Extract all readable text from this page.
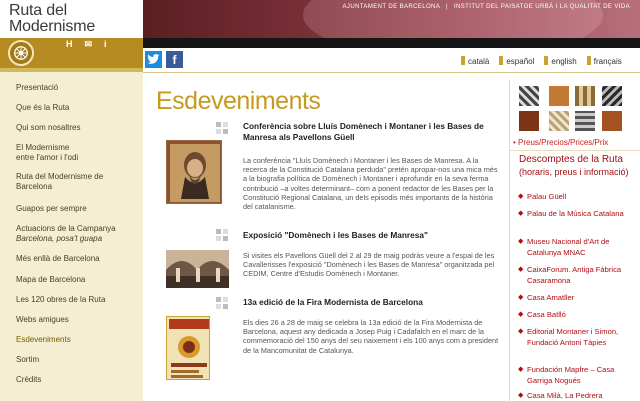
Ruta del
Modernisme
AJUNTAMENT DE BARCELONA | INSTITUT DEL PAISATGE URBÀ I LA QUALITAT DE VIDA
H ✉ i
f	català	español	english	français
Presentació
Que és la Ruta
Qui som nosaltres
El Modernisme
entre l'amor i l'odi
Ruta del Modernisme de
Barcelona
Guapos per sempre
Actuacions de la Campanya
Barcelona, posa't guapa
Més enllà de Barcelona
Mapa de Barcelona
Les 120 obres de la Ruta
Webs amigues
Esdeveniments
Sortim
Crèdits
Esdeveniments
Conferència sobre Lluís Domènech i Montaner i les Bases de Manresa als Pavellons Güell
La conferència "Lluís Domènech i Montaner i les Bases de Manresa. A la recerca de la Constitució Catalana perduda" pretén apropar-nos una mica més a la biografia política de Domènech i Montaner i aprofundir en la seva ferma contribució –a voltes determinant– com a ponent redactor de les Bases per la Constitució Regional Catalana, un dels episodis més importants de la història del catalanisme.
Exposició "Domènech i les Bases de Manresa"
Si visites els Pavellons Güell del 2 al 29 de maig podràs veure a l'espai de les Cavallerisses l'exposició "Domènech i les Bases de Manresa" organitzada pel CEDIM, Centre d'Estudis Domènech i Montaner.
13a edició de la Fira Modernista de Barcelona
Els dies 26 a 28 de maig se celebra la 13a edició de la Fira Modernista de Barcelona, aquest any dedicada a Josep Puig i Cadafalch en el marc de la commemoració del 150 anys del seu naixement i els 100 anys com a president de la Mancomunitat de Catalunya.
• Preus/Precios/Prices/Prix
Descomptes de la Ruta
(horaris, preus i informació)
◆ Palau Güell
◆ Palau de la Música Catalana
◆ Museu Nacional d'Art de Catalunya MNAC
◆ CaixaForum. Antiga Fàbrica Casaramona
◆ Casa Amatller
◆ Casa Batlló
◆ Editorial Montaner i Simon, Fundació Antoni Tàpies
◆ Fundación Mapfre – Casa Garriga Nogués
◆ Casa Milà, La Pedrera
